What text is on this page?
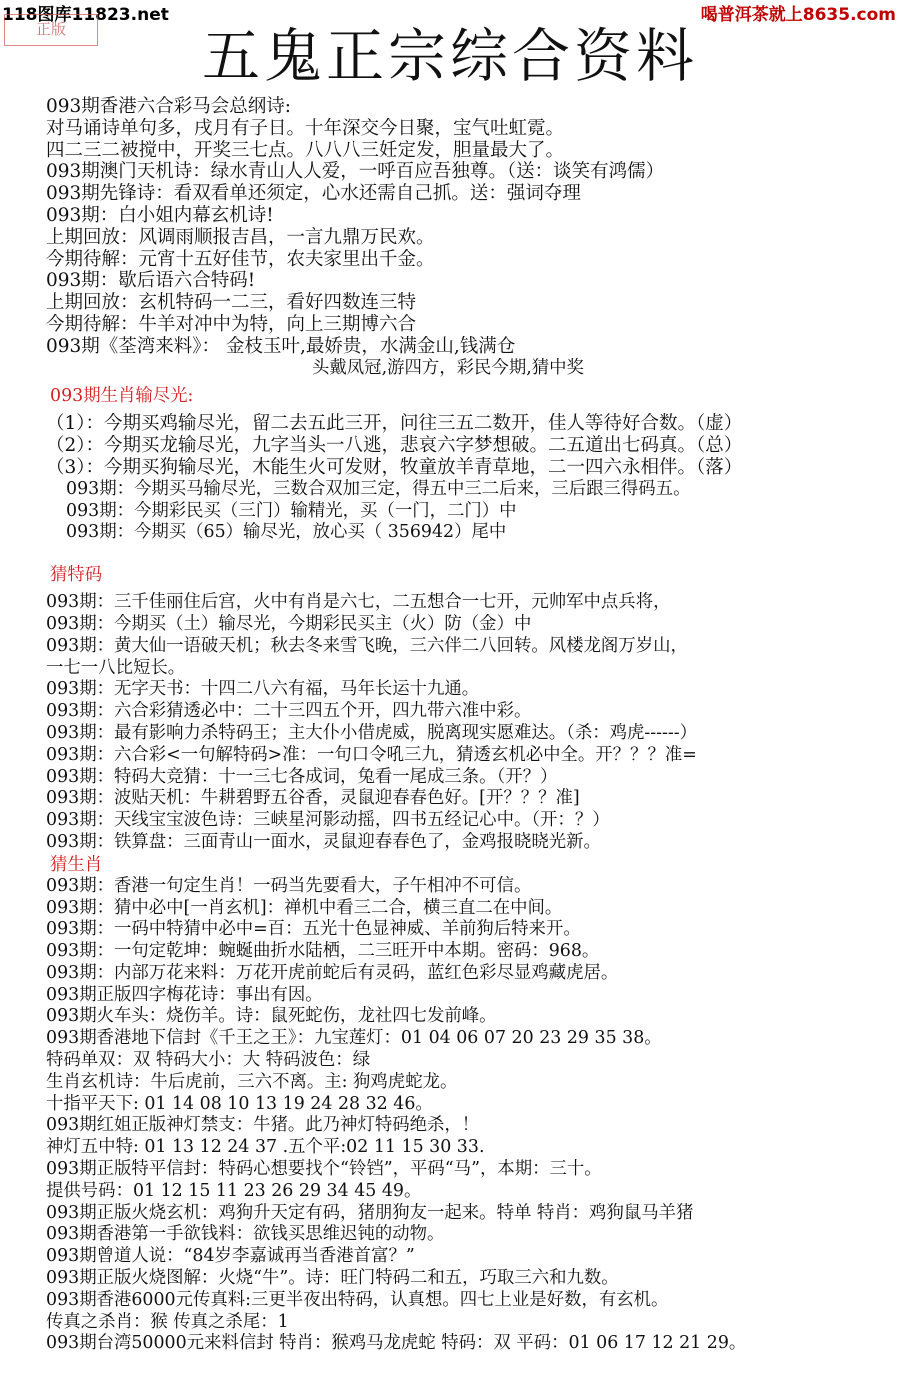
118图库11823.net	喝普洱茶就上8635.com
正版	五鬼正宗综合资料
093期香港六合彩马会总纲诗:
对马诵诗单句多，戌月有子日。十年深交今日聚，宝气吐虹霓。
四二三二被搅中，开奖三七点。八八八三妊定发，胆量最大了。
093期澳门天机诗：绿水青山人人爱，一呼百应吾独尊。（送：谈笑有鸿儒）
093期先锋诗：看双看单还须定，心水还需自己抓。送：强词夺理
093期：白小姐内幕玄机诗!
上期回放：风调雨顺报吉昌，一言九鼎万民欢。
今期待解：元宵十五好佳节，农夫家里出千金。
093期：歇后语六合特码!
上期回放：玄机特码一二三，看好四数连三特
今期待解：牛羊对冲中为特，向上三期博六合
093期《荃湾来料》： 金枝玉叶,最娇贵，水满金山,钱满仓
头戴凤冠,游四方，彩民今期,猜中奖
093期生肖输尽光:
（1）：今期买鸡输尽光，留二去五此三开，问往三五二数开，佳人等待好合数。（虚）
（2）：今期买龙输尽光，九字当头一八逃，悲哀六字梦想破。二五道出七码真。（总）
（3）：今期买狗输尽光，木能生火可发财，牧童放羊青草地，二一四六永相伴。（落）
093期：今期买马输尽光，三数合双加三定，得五中三二后来，三后跟三得码五。
093期：今期彩民买（三门）输精光，买（一门，二门）中
093期：今期买（65）输尽光，放心买（ 356942）尾中
猜特码
093期：三千佳丽住后宫，火中有肖是六七，二五想合一七开，元帅军中点兵将，
093期：今期买（土）输尽光，今期彩民买主（火）防（金）中
093期：黄大仙一语破天机；秋去冬来雪飞晚，三六伴二八回转。风楼龙阁万岁山，
一七一八比短长。
093期：无字天书：十四二八六有福，马年长运十九通。
093期：六合彩猜透必中：二十三四五个开，四九带六准中彩。
093期：最有影响力杀特码王；主大仆小借虎威，脱离现实愿难达。（杀：鸡虎------）
093期：六合彩<一句解特码>准：一句口令吼三九，猜透玄机必中全。开？？？准=
093期：特码大竞猜：十一三七各成词，兔看一尾成三条。（开？）
093期：波贴天机：牛耕碧野五谷香，灵鼠迎春春色好。[开？？？准]
093期：天线宝宝波色诗：三峡星河影动摇，四书五经记心中。（开：？）
093期：铁算盘：三面青山一面水，灵鼠迎春春色了，金鸡报晓晓光新。
猜生肖
093期：香港一句定生肖！一码当先要看大，子午相冲不可信。
093期：猜中必中[一肖玄机]：禅机中看三二合，横三直二在中间。
093期：一码中特猜中必中=百：五光十色显神威、羊前狗后特来开。
093期：一句定乾坤：蜿蜒曲折水陆栖，二三旺开中本期。密码：968。
093期：内部万花来料：万花开虎前蛇后有灵码，蓝红色彩尽显鸡藏虎居。
093期正版四字梅花诗：事出有因。
093期火车头：烧伤羊。诗：鼠死蛇伤，龙社四七发前峰。
093期香港地下信封《千王之王》：九宝莲灯：01 04 06 07 20 23 29 35 38。
特码单双：双 特码大小：大 特码波色：绿
生肖玄机诗：牛后虎前，三六不离。主: 狗鸡虎蛇龙。
十指平天下: 01 14 08 10 13 19 24 28 32 46。
093期红姐正版神灯禁支：牛猪。此乃神灯特码绝杀，！
神灯五中特: 01 13 12 24 37 .五个平:02 11 15 30 33.
093期正版特平信封：特码心想要找个“铃铛”，平码“马”，本期：三十。
提供号码：01 12 15 11 23 26 29 34 45 49。
093期正版火烧玄机：鸡狗升天定有码，猪朋狗友一起来。特单 特肖：鸡狗鼠马羊猪
093期香港第一手欲钱料：欲钱买思维迟钝的动物。
093期曾道人说：“84岁李嘉诚再当香港首富？”
093期正版火烧图解：火烧“牛”。诗：旺门特码二和五，巧取三六和九数。
093期香港6000元传真料:三更半夜出特码，认真想。四七上业是好数，有玄机。
传真之杀肖：猴 传真之杀尾：1
093期台湾50000元来料信封 特肖：猴鸡马龙虎蛇 特码：双 平码：01 06 17 12 21 29。
